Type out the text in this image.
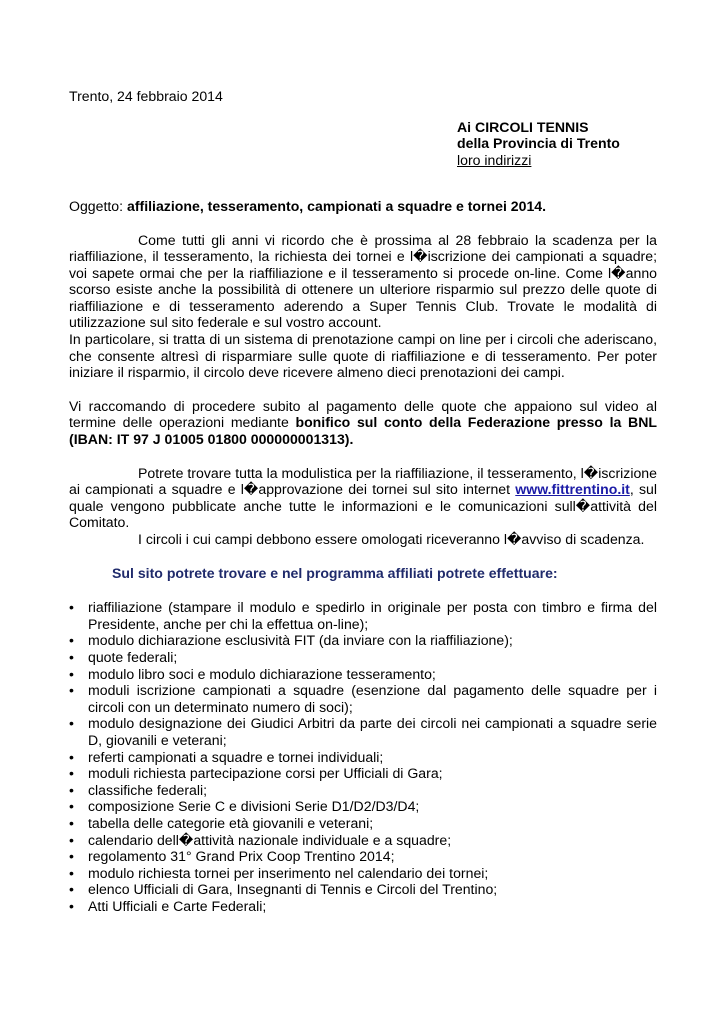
Trento, 24 febbraio 2014
Ai CIRCOLI TENNIS
della Provincia di Trento
loro indirizzi
Oggetto: affiliazione, tesseramento, campionati a squadre e tornei 2014.

Come tutti gli anni vi ricordo che è prossima al 28 febbraio la scadenza per la riaffiliazione, il tesseramento, la richiesta dei tornei e l�iscrizione dei campionati a squadre; voi sapete ormai che per la riaffiliazione e il tesseramento si procede on-line. Come l�anno scorso esiste anche la possibilità di ottenere un ulteriore risparmio sul prezzo delle quote di riaffiliazione e di tesseramento aderendo a Super Tennis Club. Trovate le modalità di utilizzazione sul sito federale e sul vostro account.

In particolare, si tratta di un sistema di prenotazione campi on line per i circoli che aderiscano, che consente altresì di risparmiare sulle quote di riaffiliazione e di tesseramento. Per poter iniziare il risparmio, il circolo deve ricevere almeno dieci prenotazioni dei campi.

Vi raccomando di procedere subito al pagamento delle quote che appaiono sul video al termine delle operazioni mediante bonifico sul conto della Federazione presso la BNL (IBAN: IT 97 J 01005 01800 000000001313).

Potrete trovare tutta la modulistica per la riaffiliazione, il tesseramento, l�iscrizione ai campionati a squadre e l�approvazione dei tornei sul sito internet www.fittrentino.it, sul quale vengono pubblicate anche tutte le informazioni e le comunicazioni sull�attività del Comitato.

I circoli i cui campi debbono essere omologati riceveranno l�avviso di scadenza.

Sul sito potrete trovare e nel programma affiliati potrete effettuare:
• riaffiliazione (stampare il modulo e spedirlo in originale per posta con timbro e firma del Presidente, anche per chi la effettua on-line);
• modulo dichiarazione esclusività FIT (da inviare con la riaffiliazione);
• quote federali;
• modulo libro soci e modulo dichiarazione tesseramento;
• moduli iscrizione campionati a squadre (esenzione dal pagamento delle squadre per i circoli con un determinato numero di soci);
• modulo designazione dei Giudici Arbitri da parte dei circoli nei campionati a squadre serie D, giovanili e veterani;
• referti campionati a squadre e tornei individuali;
• moduli richiesta partecipazione corsi per Ufficiali di Gara;
• classifiche federali;
• composizione Serie C e divisioni Serie D1/D2/D3/D4;
• tabella delle categorie età giovanili e veterani;
• calendario dell�attività nazionale individuale e a squadre;
• regolamento 31° Grand Prix Coop Trentino 2014;
• modulo richiesta tornei per inserimento nel calendario dei tornei;
• elenco Ufficiali di Gara, Insegnanti di Tennis e Circoli del Trentino;
• Atti Ufficiali e Carte Federali;
